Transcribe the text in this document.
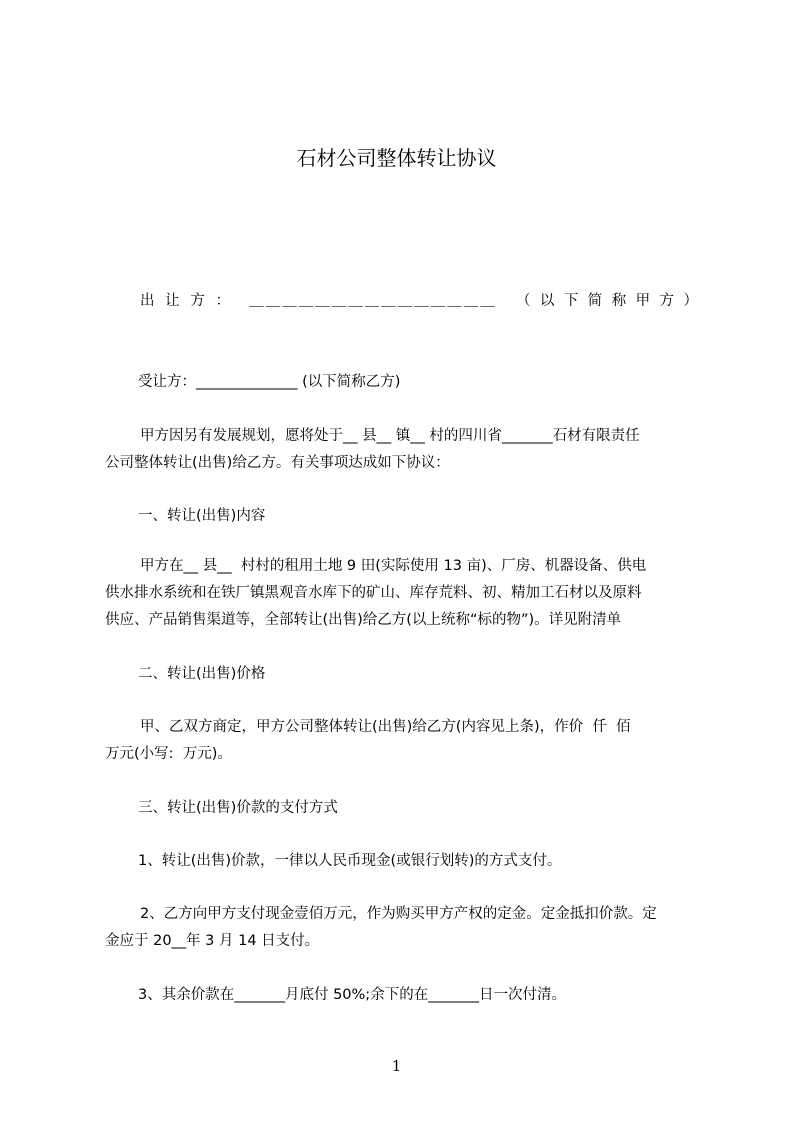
石材公司整体转让协议
出 让 方 ： ＿＿＿＿＿＿＿＿＿＿＿＿＿＿＿ （ 以 下 简 称 甲 方 ）
受让方：______________ (以下简称乙方)
甲方因另有发展规划，愿将处于__ 县__ 镇__ 村的四川省_______石材有限责任
公司整体转让(出售)给乙方。有关事项达成如下协议：
一、转让(出售)内容
甲方在__ 县__  村村的租用土地 9 田(实际使用 13 亩)、厂房、机器设备、供电
供水排水系统和在铁厂镇黑观音水库下的矿山、库存荒料、初、精加工石材以及原料
供应、产品销售渠道等，全部转让(出售)给乙方(以上统称“标的物”)。详见附清单
二、转让(出售)价格
甲、乙双方商定，甲方公司整体转让(出售)给乙方(内容见上条)，作价  仟  佰
万元(小写:  万元)。
三、转让(出售)价款的支付方式
1、转让(出售)价款，一律以人民币现金(或银行划转)的方式支付。
2、乙方向甲方支付现金壹佰万元，作为购买甲方产权的定金。定金抵扣价款。定
金应于 20__年 3 月 14 日支付。
3、其余价款在_______月底付 50%;余下的在_______日一次付清。
1
